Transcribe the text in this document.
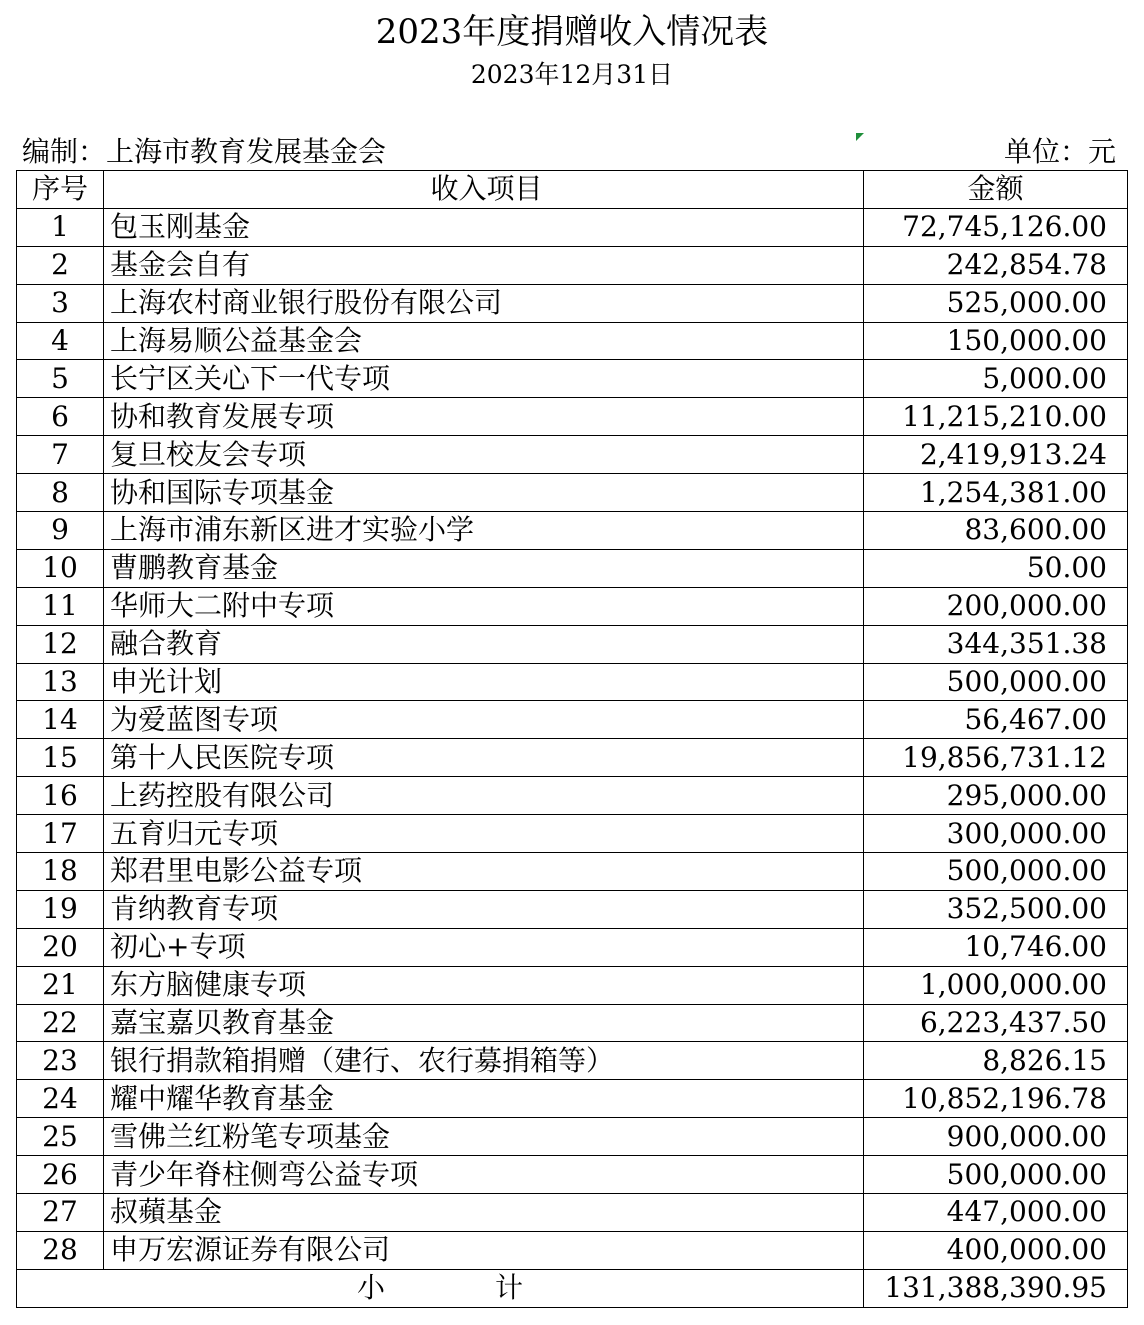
2023年度捐赠收入情况表
2023年12月31日
编制：上海市教育发展基金会	单位：元
序号	收入项目	金额
1	包玉刚基金	72,745,126.00
2	基金会自有	242,854.78
3	上海农村商业银行股份有限公司	525,000.00
4	上海易顺公益基金会	150,000.00
5	长宁区关心下一代专项	5,000.00
6	协和教育发展专项	11,215,210.00
7	复旦校友会专项	2,419,913.24
8	协和国际专项基金	1,254,381.00
9	上海市浦东新区进才实验小学	83,600.00
10	曹鹏教育基金	50.00
11	华师大二附中专项	200,000.00
12	融合教育	344,351.38
13	申光计划	500,000.00
14	为爱蓝图专项	56,467.00
15	第十人民医院专项	19,856,731.12
16	上药控股有限公司	295,000.00
17	五育归元专项	300,000.00
18	郑君里电影公益专项	500,000.00
19	肯纳教育专项	352,500.00
20	初心+专项	10,746.00
21	东方脑健康专项	1,000,000.00
22	嘉宝嘉贝教育基金	6,223,437.50
23	银行捐款箱捐赠（建行、农行募捐箱等）	8,826.15
24	耀中耀华教育基金	10,852,196.78
25	雪佛兰红粉笔专项基金	900,000.00
26	青少年脊柱侧弯公益专项	500,000.00
27	叔蘋基金	447,000.00
28	申万宏源证券有限公司	400,000.00
小 计		131,388,390.95
